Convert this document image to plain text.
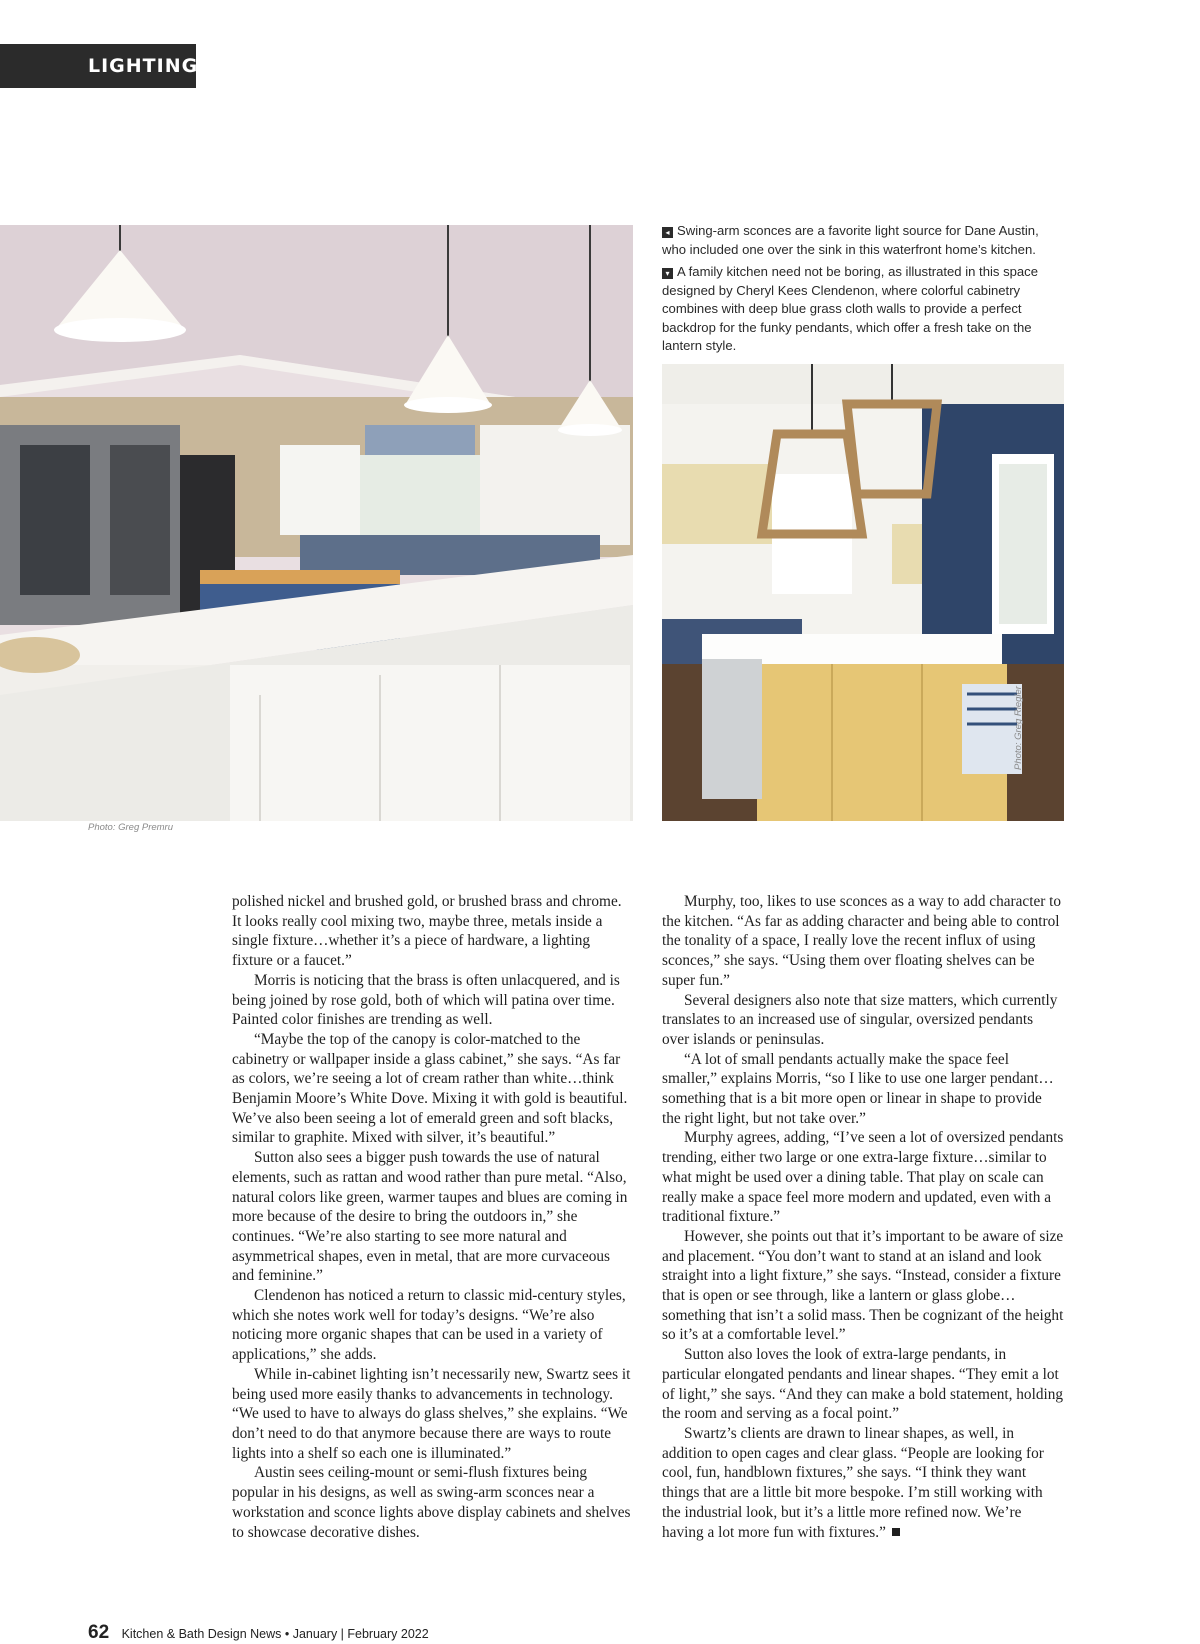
LIGHTING
Photo: Greg Premru

◂ Swing-arm sconces are a favorite light source for Dane Austin, who included one over the sink in this waterfront home’s kitchen.

▾ A family kitchen need not be boring, as illustrated in this space designed by Cheryl Kees Clendenon, where colorful cabinetry combines with deep blue grass cloth walls to provide a perfect backdrop for the funky pendants, which offer a fresh take on the lantern style.

Photo: Greg Riegler

polished nickel and brushed gold, or brushed brass and chrome. It looks really cool mixing two, maybe three, metals inside a single fixture…whether it’s a piece of hardware, a lighting fixture or a faucet.”

Morris is noticing that the brass is often unlacquered, and is being joined by rose gold, both of which will patina over time. Painted color finishes are trending as well.

“Maybe the top of the canopy is color-matched to the cabinetry or wallpaper inside a glass cabinet,” she says. “As far as colors, we’re seeing a lot of cream rather than white…think Benjamin Moore’s White Dove. Mixing it with gold is beautiful. We’ve also been seeing a lot of emerald green and soft blacks, similar to graphite. Mixed with silver, it’s beautiful.”

Sutton also sees a bigger push towards the use of natural elements, such as rattan and wood rather than pure metal. “Also, natural colors like green, warmer taupes and blues are coming in more because of the desire to bring the outdoors in,” she continues. “We’re also starting to see more natural and asymmetrical shapes, even in metal, that are more curvaceous and feminine.”

Clendenon has noticed a return to classic mid-century styles, which she notes work well for today’s designs. “We’re also noticing more organic shapes that can be used in a variety of applications,” she adds.

While in-cabinet lighting isn’t necessarily new, Swartz sees it being used more easily thanks to advancements in technology. “We used to have to always do glass shelves,” she explains. “We don’t need to do that anymore because there are ways to route lights into a shelf so each one is illuminated.”

Austin sees ceiling-mount or semi-flush fixtures being popular in his designs, as well as swing-arm sconces near a workstation and sconce lights above display cabinets and shelves to showcase decorative dishes.

Murphy, too, likes to use sconces as a way to add character to the kitchen. “As far as adding character and being able to control the tonality of a space, I really love the recent influx of using sconces,” she says. “Using them over floating shelves can be super fun.”

Several designers also note that size matters, which currently translates to an increased use of singular, oversized pendants over islands or peninsulas.

“A lot of small pendants actually make the space feel smaller,” explains Morris, “so I like to use one larger pendant…something that is a bit more open or linear in shape to provide the right light, but not take over.”

Murphy agrees, adding, “I’ve seen a lot of oversized pendants trending, either two large or one extra-large fixture…similar to what might be used over a dining table. That play on scale can really make a space feel more modern and updated, even with a traditional fixture.”

However, she points out that it’s important to be aware of size and placement. “You don’t want to stand at an island and look straight into a light fixture,” she says. “Instead, consider a fixture that is open or see through, like a lantern or glass globe…something that isn’t a solid mass. Then be cognizant of the height so it’s at a comfortable level.”

Sutton also loves the look of extra-large pendants, in particular elongated pendants and linear shapes. “They emit a lot of light,” she says. “And they can make a bold statement, holding the room and serving as a focal point.”

Swartz’s clients are drawn to linear shapes, as well, in addition to open cages and clear glass. “People are looking for cool, fun, handblown fixtures,” she says. “I think they want things that are a little bit more bespoke. I’m still working with the industrial look, but it’s a little more refined now. We’re having a lot more fun with fixtures.”

62 Kitchen & Bath Design News • January | February 2022
